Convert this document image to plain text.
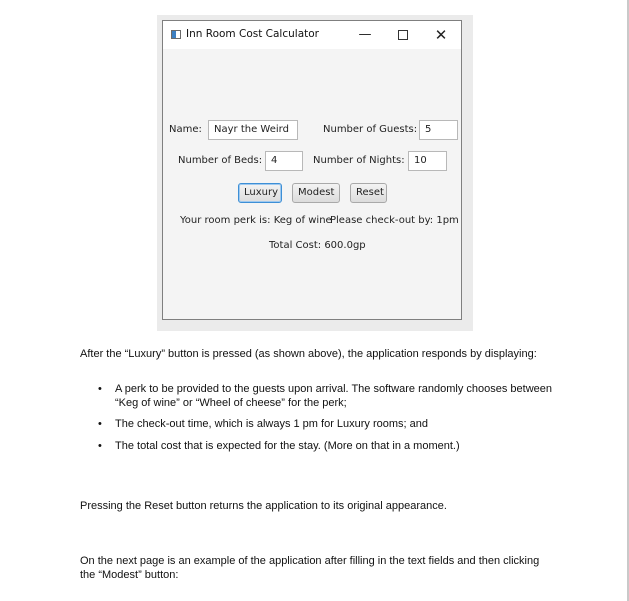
Inn Room Cost Calculator	—	✕
Name:	Nayr the Weird	Number of Guests: 5
Number of Beds: 4	Number of Nights: 10
Luxury	Modest	Reset
Your room perk is: Keg of wine
Please check-out by: 1pm
Total Cost: 600.0gp
After the “Luxury” button is pressed (as shown above), the application responds by displaying:
• A perk to be provided to the guests upon arrival. The software randomly chooses between “Keg of wine” or “Wheel of cheese” for the perk;
• The check-out time, which is always 1 pm for Luxury rooms; and
• The total cost that is expected for the stay. (More on that in a moment.)
Pressing the Reset button returns the application to its original appearance.
On the next page is an example of the application after filling in the text fields and then clicking the “Modest” button:
